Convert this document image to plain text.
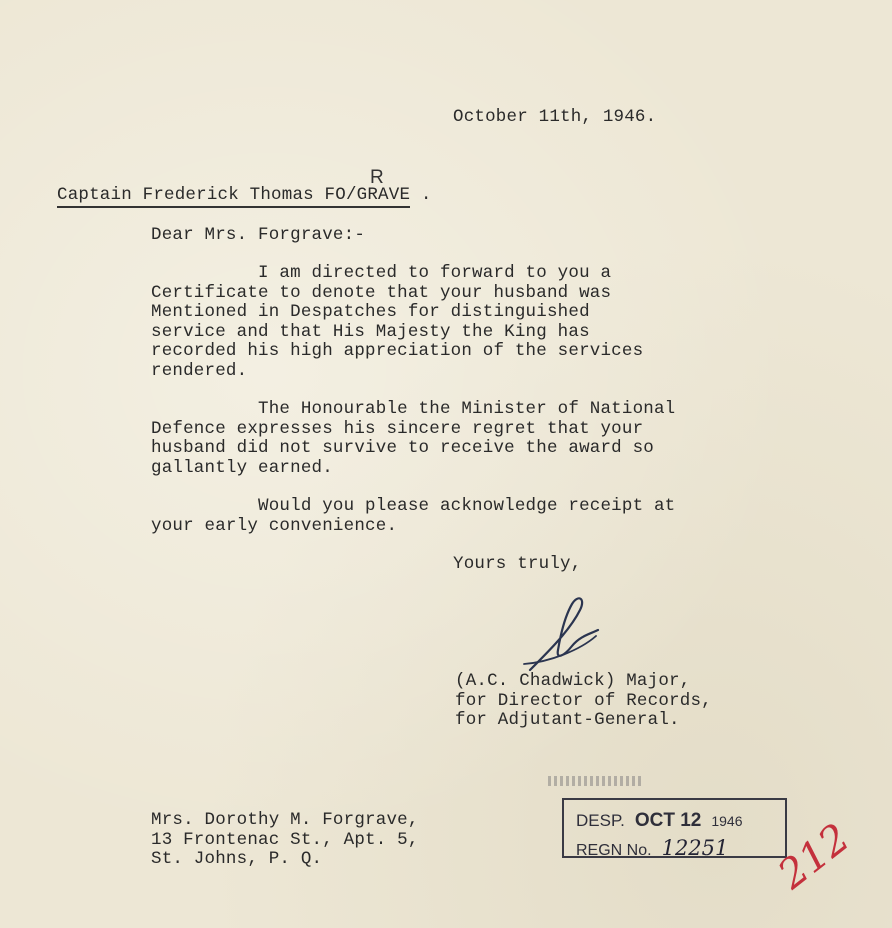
October 11th, 1946.
Captain Frederick Thomas FO/GRAVE .
R
Dear Mrs. Forgrave:-
I am directed to forward to you a
Certificate to denote that your husband was
Mentioned in Despatches for distinguished
service and that His Majesty the King has
recorded his high appreciation of the services
rendered.
The Honourable the Minister of National
Defence expresses his sincere regret that your
husband did not survive to receive the award so
gallantly earned.
Would you please acknowledge receipt at
your early convenience.
Yours truly,
(A.C. Chadwick) Major,
for Director of Records,
for Adjutant-General.
Mrs. Dorothy M. Forgrave,
13 Frontenac St., Apt. 5,
St. Johns, P. Q.
DESP. OCT 12 1946
REGN No. 12251 212
